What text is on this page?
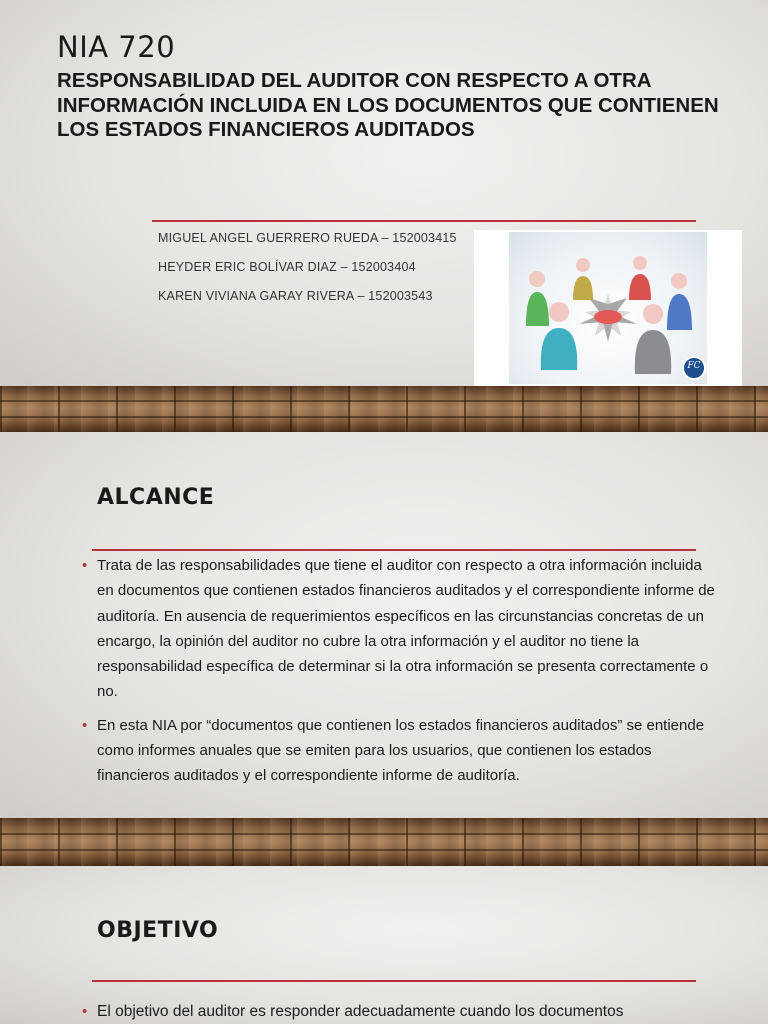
NIA 720
RESPONSABILIDAD DEL AUDITOR CON RESPECTO A OTRA INFORMACIÓN INCLUIDA EN LOS DOCUMENTOS QUE CONTIENEN LOS ESTADOS FINANCIEROS AUDITADOS
MIGUEL ANGEL GUERRERO RUEDA – 152003415
HEYDER ERIC BOLÍVAR DIAZ – 152003404
KAREN VIVIANA GARAY RIVERA – 152003543
FC
ALCANCE
• Trata de las responsabilidades que tiene el auditor con respecto a otra información incluida en documentos que contienen estados financieros auditados y el correspondiente informe de auditoría. En ausencia de requerimientos específicos en las circunstancias concretas de un encargo, la opinión del auditor no cubre la otra información y el auditor no tiene la responsabilidad específica de determinar si la otra información se presenta correctamente o no.
• En esta NIA por “documentos que contienen los estados financieros auditados” se entiende como informes anuales que se emiten para los usuarios, que contienen los estados financieros auditados y el correspondiente informe de auditoría.
OBJETIVO
• El objetivo del auditor es responder adecuadamente cuando los documentos
